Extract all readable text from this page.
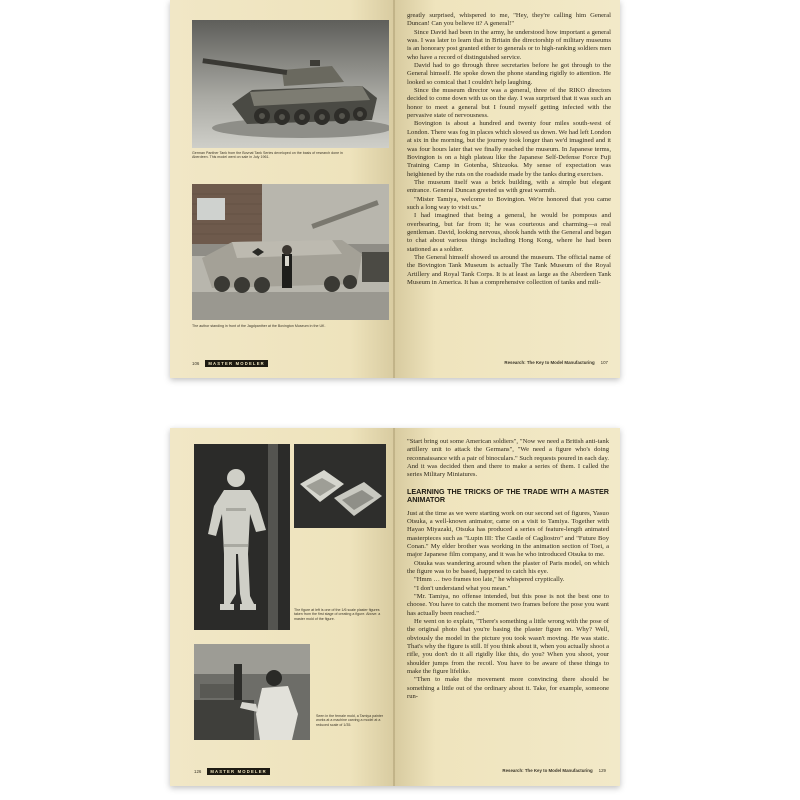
German Panther Tank from the Bovnat Tank Series developed on the basis of research done in Aberdeen. This model went on sale in July 1961.
The author standing in front of the Jagdpanther at the Bovington Museum in the UK.
106	MASTER MODELER

greatly surprised, whispered to me, "Hey, they're calling him General Duncan! Can you believe it? A general!"

Since David had been in the army, he understood how important a general was. I was later to learn that in Britain the directorship of military museums is an honorary post granted either to generals or to high-ranking soldiers men who have a record of distinguished service.

David had to go through three secretaries before he got through to the General himself. He spoke down the phone standing rigidly to attention. He looked so comical that I couldn't help laughing.

Since the museum director was a general, three of the RIKO directors decided to come down with us on the day. I was surprised that it was such an honor to meet a general but I found myself getting infected with the pervasive state of nervousness.

Bovington is about a hundred and twenty four miles south-west of London. There was fog in places which slowed us down. We had left London at six in the morning, but the journey took longer than we'd imagined and it was four hours later that we finally reached the museum. In Japanese terms, Bovington is on a high plateau like the Japanese Self-Defense Force Fuji Training Camp in Gotenba, Shizuoka. My sense of expectation was heightened by the ruts on the roadside made by the tanks during exercises.

The museum itself was a brick building, with a simple but elegant entrance. General Duncan greeted us with great warmth.

"Mister Tamiya, welcome to Bovington. We're honored that you came such a long way to visit us."

I had imagined that being a general, he would be pompous and overbearing, but far from it; he was courteous and charming—a real gentleman. David, looking nervous, shook hands with the General and began to chat about various things including Hong Kong, where he had been stationed as a soldier.

The General himself showed us around the museum. The official name of the Bovington Tank Museum is actually The Tank Museum of the Royal Artillery and Royal Tank Corps. It is at least as large as the Aberdeen Tank Museum in America. It has a comprehensive collection of tanks and mili-

Research: The Key to Model Manufacturing 107
The figure at left is one of the 1/6 scale plaster figures taken from the first stage of creating a figure. Above: a master mold of the figure.
Seen in the female mold, a Tamiya painter works at a machine carving a model at a reduced scale of 1/35.
126	MASTER MODELER

"Start bring out some American soldiers", "Now we need a British anti-tank artillery unit to attack the Germans", "We need a figure who's doing reconnaissance with a pair of binoculars." Such requests poured in each day. And it was decided then and there to make a series of them. I called the series Military Miniatures.

LEARNING THE TRICKS OF THE TRADE WITH A MASTER ANIMATOR

Just at the time as we were starting work on our second set of figures, Yasuo Otsuka, a well-known animator, came on a visit to Tamiya. Together with Hayao Miyazaki, Otsuka has produced a series of feature-length animated masterpieces such as "Lupin III: The Castle of Cagliostro" and "Future Boy Conan." My elder brother was working in the animation section of Toei, a major Japanese film company, and it was he who introduced Otsuka to me.

Otsuka was wandering around when the plaster of Paris model, on which the figure was to be based, happened to catch his eye.

"Hmm … two frames too late," he whispered cryptically.

"I don't understand what you mean."

"Mr. Tamiya, no offense intended, but this pose is not the best one to choose. You have to catch the moment two frames before the pose you want has actually been reached."

He went on to explain, "There's something a little wrong with the pose of the original photo that you're basing the plaster figure on. Why? Well, obviously the model in the picture you took wasn't moving. He was static. That's why the figure is still. If you think about it, when you actually shoot a rifle, you don't do it all rigidly like this, do you? When you shoot, your shoulder jumps from the recoil. You have to be aware of these things to make the figure lifelike.

"Then to make the movement more convincing there should be something a little out of the ordinary about it. Take, for example, someone run-

Research: The Key to Model Manufacturing 129
